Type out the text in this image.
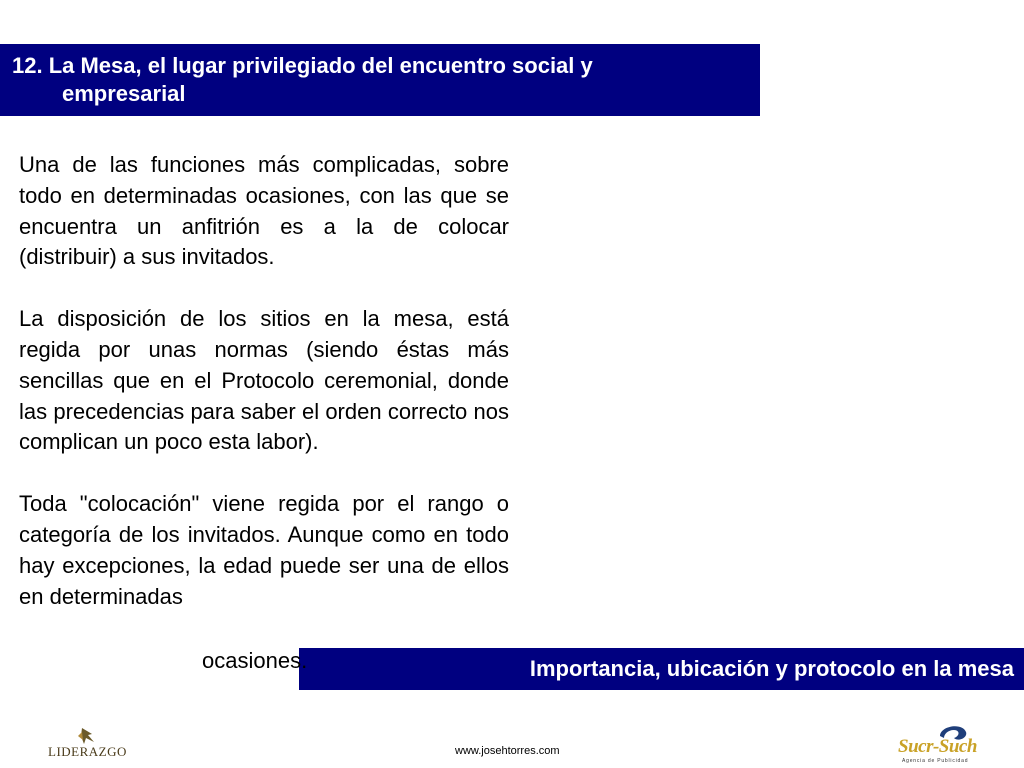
12. La Mesa, el lugar privilegiado del encuentro social y
empresarial

Una de las funciones más complicadas, sobre todo en determinadas ocasiones, con las que se encuentra un anfitrión es a la de colocar (distribuir) a sus invitados.

La disposición de los sitios en la mesa, está regida por unas normas (siendo éstas más sencillas que en el Protocolo ceremonial, donde las precedencias para saber el orden correcto nos complican un poco esta labor).

Toda "colocación" viene regida por el rango o categoría de los invitados. Aunque como en todo hay excepciones, la edad puede ser una de ellos en determinadas

Importancia, ubicación y protocolo en la mesa
ocasiones.
LIDERAZGO	www.josehtorres.com	Sucr-Such
Agencia de Publicidad
